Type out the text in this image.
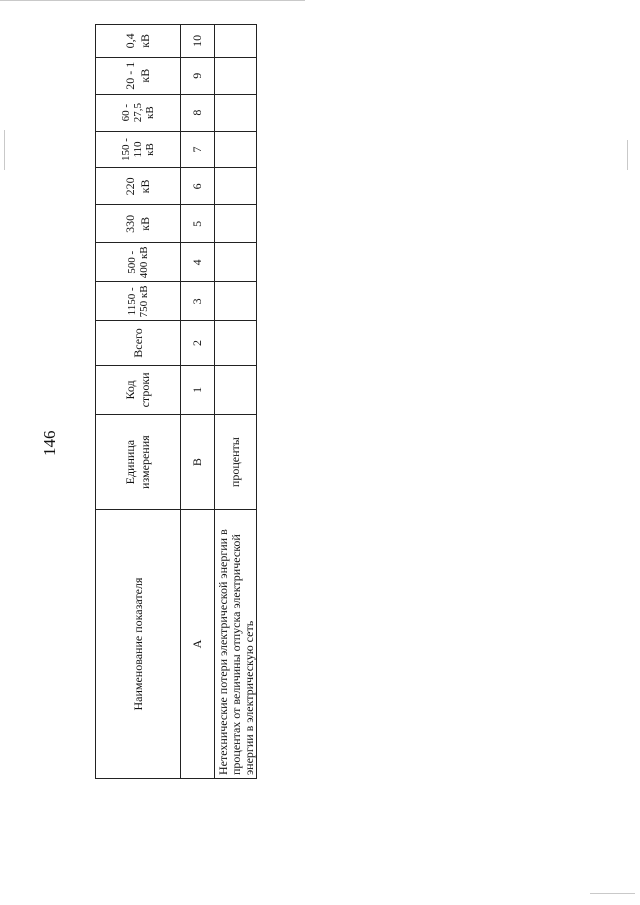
146
Наименование показателя	Единица измерения	Код строки	Всего	1150 - 750 кВ	500 - 400 кВ	330 кВ	220 кВ	150 - 110 кВ	60 - 27,5 кВ	20 - 1 кВ	0,4 кВ
А	В	1	2	3	4	5	6	7	8	9	10
Нетехнические потери электрической энергии в процентах от величины отпуска электрической энергии в электрическую сеть	проценты										
